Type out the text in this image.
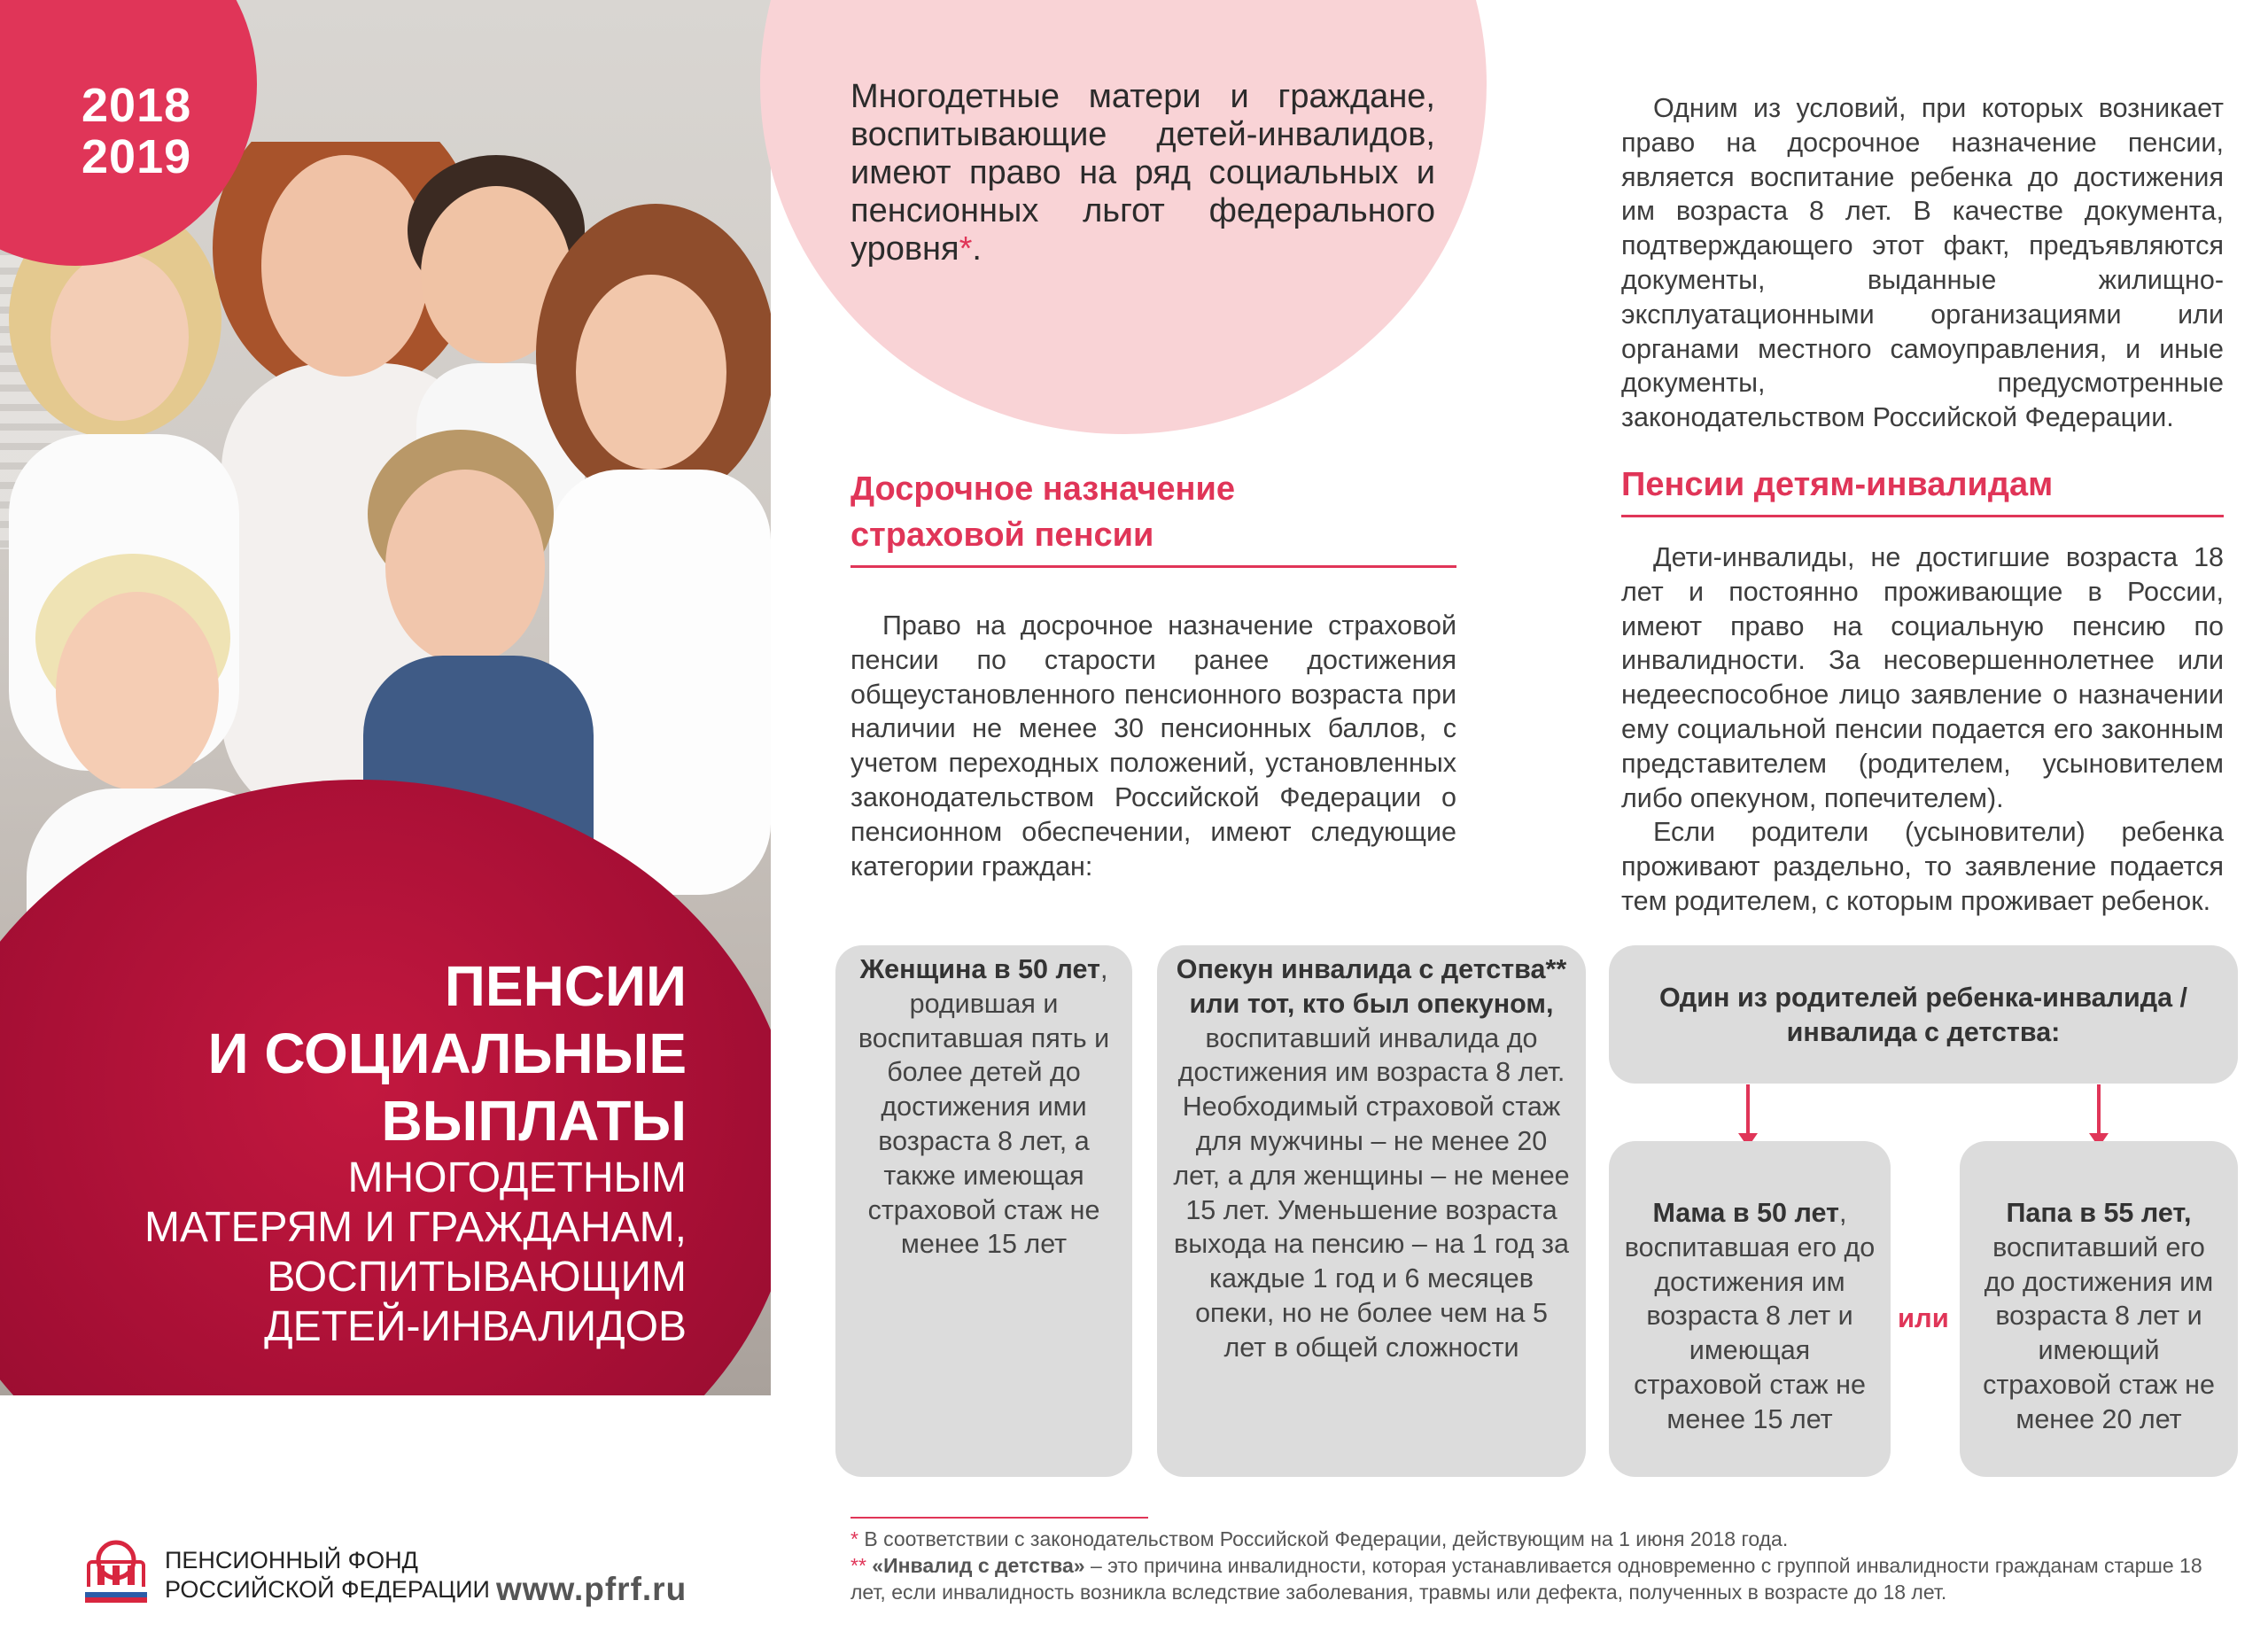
2018
2019
ПЕНСИИ
И СОЦИАЛЬНЫЕ
ВЫПЛАТЫ
МНОГОДЕТНЫМ
МАТЕРЯМ И ГРАЖДАНАМ,
ВОСПИТЫВАЮЩИМ
ДЕТЕЙ-ИНВАЛИДОВ
Многодетные матери и граждане, воспитывающие детей-инвалидов, имеют право на ряд социальных и пенсионных льгот федерального уровня*.

Одним из условий, при которых возникает право на досрочное назначение пенсии, является воспитание ребенка до достижения им возраста 8 лет. В качестве документа, подтверждающего этот факт, предъявляются документы, выданные жилищно-эксплуатационными организациями или органами местного самоуправления, и иные документы, предусмотренные законодательством Российской Федерации.

Досрочное назначение
страховой пенсии

Право на досрочное назначение страховой пенсии по старости ранее достижения общеустановленного пенсионного возраста при наличии не менее 30 пенсионных баллов, с учетом переходных положений, установленных законодательством Российской Федерации о пенсионном обеспечении, имеют следующие категории граждан:

Пенсии детям-инвалидам

Дети-инвалиды, не достигшие возраста 18 лет и постоянно проживающие в России, имеют право на социальную пенсию по инвалидности. За несовершеннолетнее или недееспособное лицо заявление о назначении ему социальной пенсии подается его законным представителем (родителем, усыновителем либо опекуном, попечителем).

Если родители (усыновители) ребенка проживают раздельно, то заявление подается тем родителем, с которым проживает ребенок.

Женщина в 50 лет, родившая и воспитавшая пять и более детей до достижения ими возраста 8 лет, а также имеющая страховой стаж не менее 15 лет
Опекун инвалида с детства** или тот, кто был опекуном,
воспитавший инвалида до достижения им возраста 8 лет. Необходимый страховой стаж для мужчины – не менее 20 лет, а для женщины – не менее 15 лет. Уменьшение возраста выхода на пенсию – на 1 год за каждые 1 год и 6 месяцев опеки, но не более чем на 5 лет в общей сложности
Один из родителей ребенка-инвалида / инвалида с детства:
Мама в 50 лет, воспитавшая его до достижения им возраста 8 лет и имеющая страховой стаж не менее 15 лет
или
Папа в 55 лет,
воспитавший его до достижения им возраста 8 лет и имеющий страховой стаж не менее 20 лет
* В соответствии с законодательством Российской Федерации, действующим на 1 июня 2018 года.
** «Инвалид с детства» – это причина инвалидности, которая устанавливается одновременно с группой инвалидности гражданам старше 18 лет, если инвалидность возникла вследствие заболевания, травмы или дефекта, полученных в возрасте до 18 лет.
ПЕНСИОННЫЙ ФОНД
РОССИЙСКОЙ ФЕДЕРАЦИИ www.pfrf.ru
